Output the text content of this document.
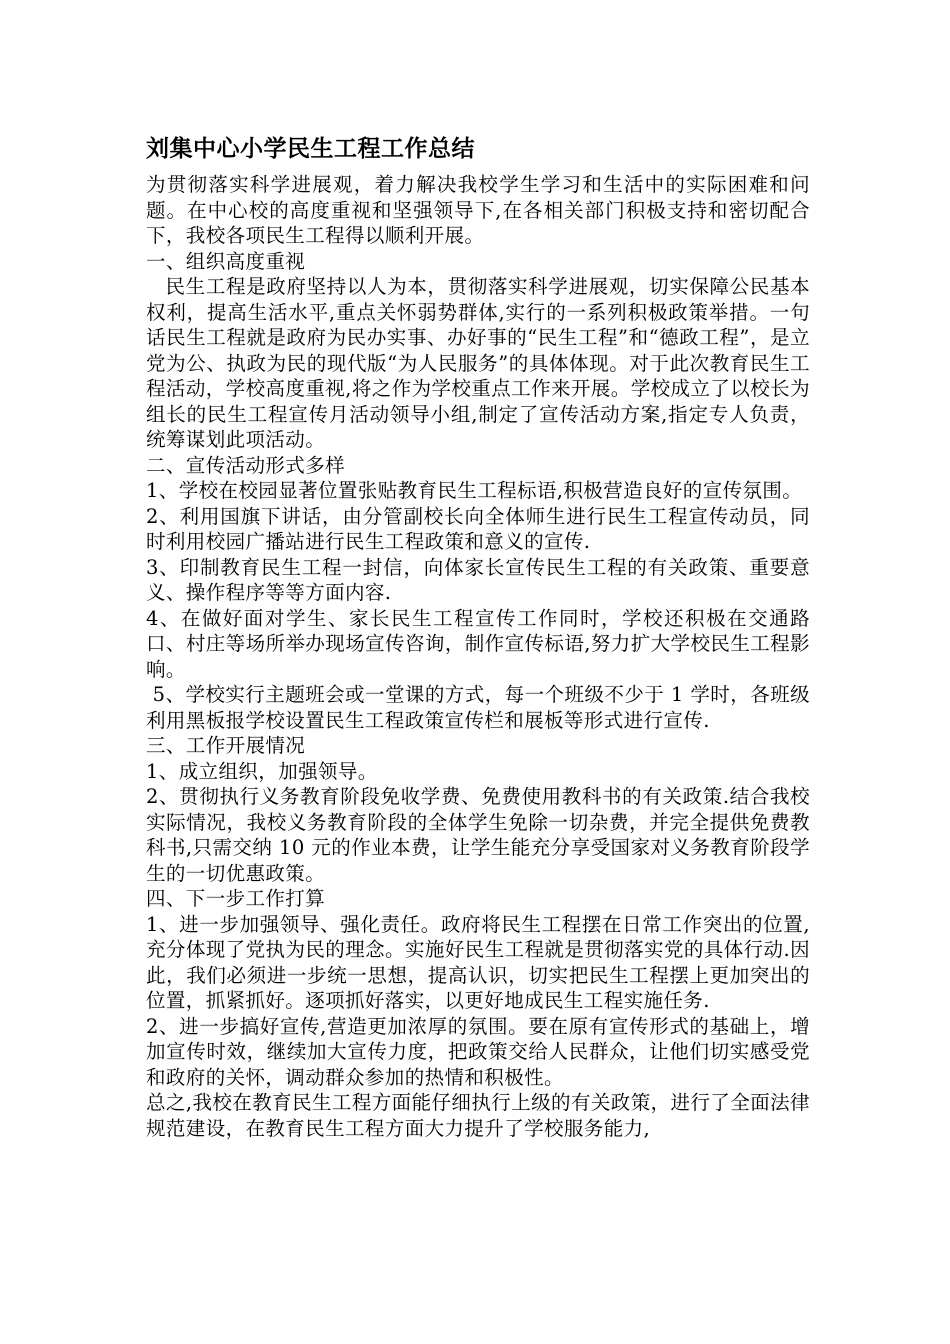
刘集中心小学民生工程工作总结

为贯彻落实科学进展观，着力解决我校学生学习和生活中的实际困难和问题。在中心校的高度重视和坚强领导下,在各相关部门积极支持和密切配合下，我校各项民生工程得以顺利开展。

一、组织高度重视

民生工程是政府坚持以人为本，贯彻落实科学进展观，切实保障公民基本权利，提高生活水平,重点关怀弱势群体,实行的一系列积极政策举措。一句话民生工程就是政府为民办实事、办好事的“民生工程”和“德政工程”，是立党为公、执政为民的现代版“为人民服务”的具体体现。对于此次教育民生工程活动，学校高度重视,将之作为学校重点工作来开展。学校成立了以校长为组长的民生工程宣传月活动领导小组,制定了宣传活动方案,指定专人负责，统筹谋划此项活动。

二、宣传活动形式多样

1、学校在校园显著位置张贴教育民生工程标语,积极营造良好的宣传氛围。

2、利用国旗下讲话，由分管副校长向全体师生进行民生工程宣传动员，同时利用校园广播站进行民生工程政策和意义的宣传.

3、印制教育民生工程一封信，向体家长宣传民生工程的有关政策、重要意义、操作程序等等方面内容.

4、在做好面对学生、家长民生工程宣传工作同时，学校还积极在交通路口、村庄等场所举办现场宣传咨询，制作宣传标语,努力扩大学校民生工程影响。

5、学校实行主题班会或一堂课的方式，每一个班级不少于 1 学时，各班级利用黑板报学校设置民生工程政策宣传栏和展板等形式进行宣传.

三、工作开展情况

1、成立组织，加强领导。

2、贯彻执行义务教育阶段免收学费、免费使用教科书的有关政策.结合我校实际情况，我校义务教育阶段的全体学生免除一切杂费，并完全提供免费教科书,只需交纳 10 元的作业本费，让学生能充分享受国家对义务教育阶段学生的一切优惠政策。

四、下一步工作打算

1、进一步加强领导、强化责任。政府将民生工程摆在日常工作突出的位置,充分体现了党执为民的理念。实施好民生工程就是贯彻落实党的具体行动.因此，我们必须进一步统一思想，提高认识，切实把民生工程摆上更加突出的位置，抓紧抓好。逐项抓好落实，以更好地成民生工程实施任务.

2、进一步搞好宣传,营造更加浓厚的氛围。要在原有宣传形式的基础上，增加宣传时效，继续加大宣传力度，把政策交给人民群众，让他们切实感受党和政府的关怀，调动群众参加的热情和积极性。

总之,我校在教育民生工程方面能仔细执行上级的有关政策，进行了全面法律规范建设，在教育民生工程方面大力提升了学校服务能力,
